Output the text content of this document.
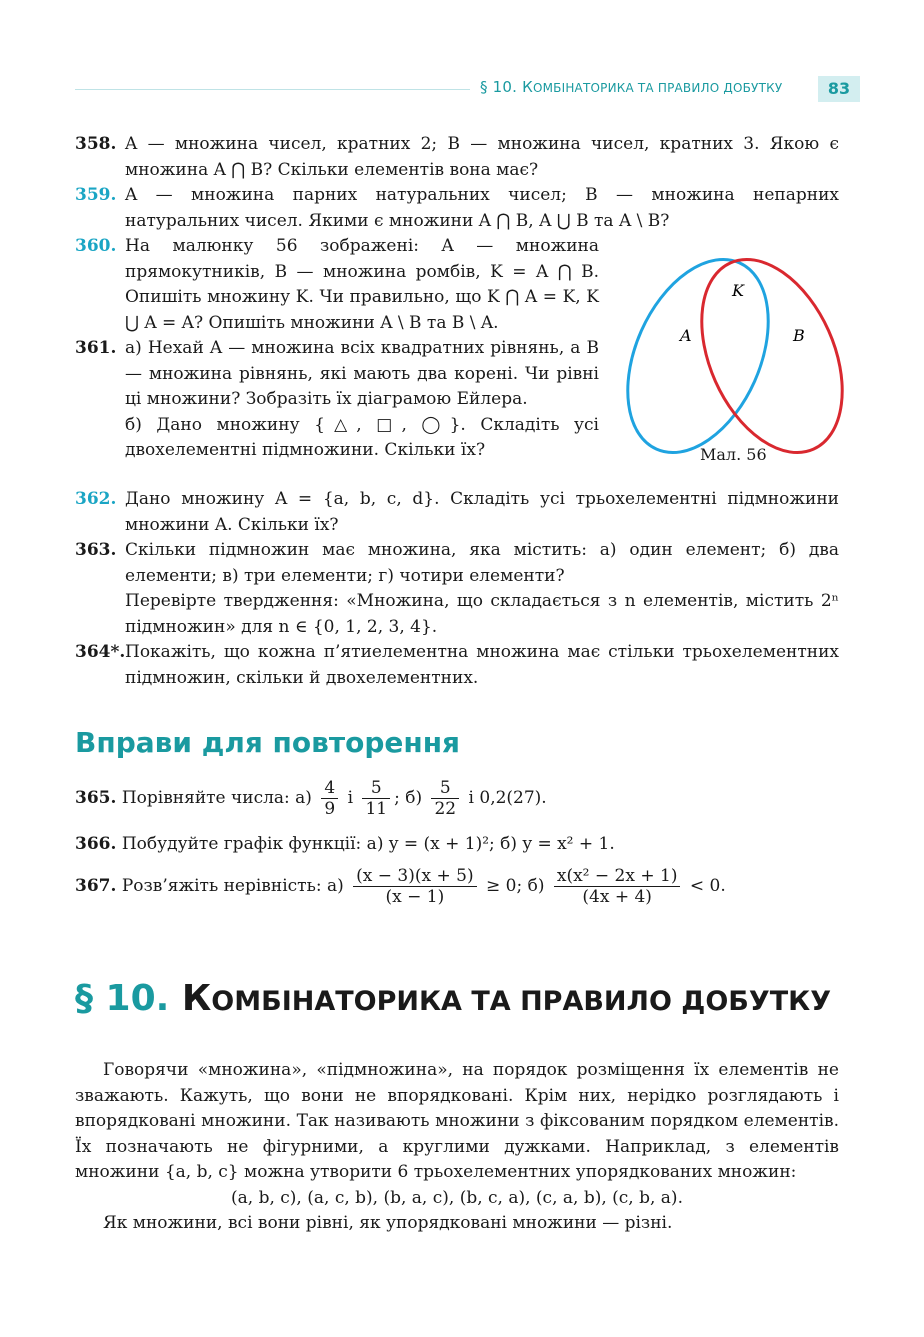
§ 10. КОМБІНАТОРИКА ТА ПРАВИЛО ДОБУТКУ	83
358. A — множина чисел, кратних 2; B — множина чисел, кратних 3. Якою є множина A ⋂ B? Скільки елементів вона має?
359. A — множина парних натуральних чисел; B — множина непарних натуральних чисел. Якими є множини A ⋂ B, A ⋃ B та A \ B?
360. На малюнку 56 зображені: A — множина прямокутників, B — множина ромбів, K = A ⋂ B. Опишіть множину K. Чи правильно, що K ⋂ A = K, K ⋃ A = A? Опишіть множини A \ B та B \ A.
361. а) Нехай A — множина всіх квадратних рівнянь, а B — множина рівнянь, які мають два корені. Чи рівні ці множини? Зобразіть їх діаграмою Ейлера.
б) Дано множину {△, □, ◯}. Складіть усі двохелементні підмножини. Скільки їх?
A	B
K
Мал. 56
362. Дано множину A = {a, b, c, d}. Складіть усі трьохелементні підмножини множини A. Скільки їх?
363. Скільки підмножин має множина, яка містить: а) один елемент; б) два елементи; в) три елементи; г) чотири елементи?
Перевірте твердження: «Множина, що складається з n елементів, містить 2ⁿ підмножин» для n ∈ {0, 1, 2, 3, 4}.
364*. Покажіть, що кожна п’ятиелементна множина має стільки трьохелементних підмножин, скільки й двохелементних.
Вправи для повторення
365. Порівняйте числа: $а) \frac{4}{9}$ і $\frac{5}{11}$ ; $б) \frac{5}{22}$ і 0,2(27).
366. Побудуйте графік функції: а) y = (x + 1)²; б) y = x² + 1.
367. Розв’яжіть нерівність: $а) \frac{(x - 3)(x + 5)}{(x - 1)} \ge 0$; $б) \frac{\text{x(x² − 2x + 1)}}{(4x + 4)} < 0$.
§ 10. КОМБІНАТОРИКА ТА ПРАВИЛО ДОБУТКУ

Говорячи «множина», «підмножина», на порядок розміщення їх елементів не зважають. Кажуть, що вони не впорядковані. Крім них, нерідко розглядають і впорядковані множини. Так називають множини з фіксованим порядком елементів. Їх позначають не фігурними, а круглими дужками. Наприклад, з елементів множини {a, b, c} можна утворити 6 трьохелементних упорядкованих множин:

(a, b, c), (a, c, b), (b, a, c), (b, c, a), (c, a, b), (c, b, a).

Як множини, всі вони рівні, як упорядковані множини — різні.
